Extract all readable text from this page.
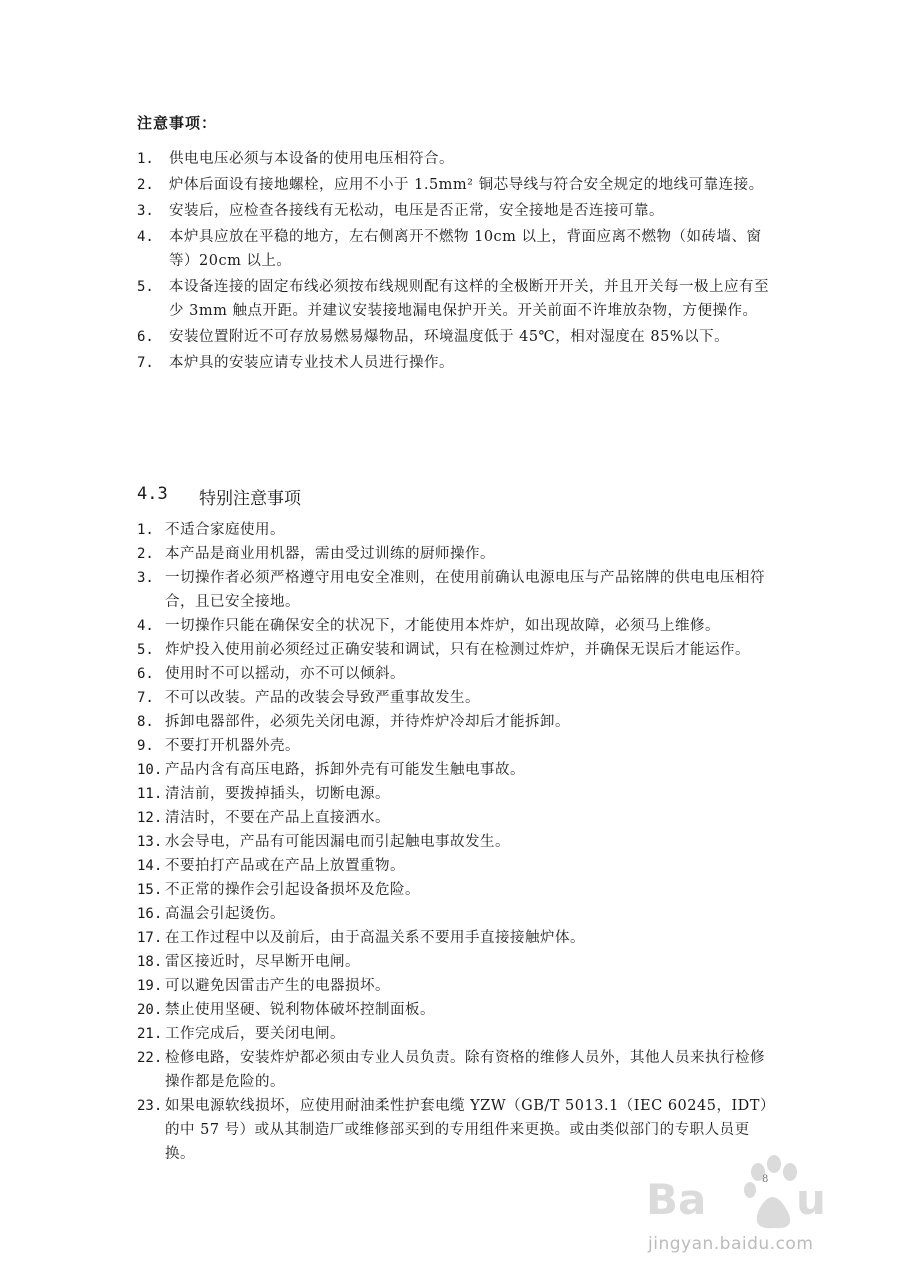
注意事项：
1.	供电电压必须与本设备的使用电压相符合。
2.	炉体后面设有接地螺栓，应用不小于 1.5mm² 铜芯导线与符合安全规定的地线可靠连接。
3.	安装后，应检查各接线有无松动，电压是否正常，安全接地是否连接可靠。
4.	本炉具应放在平稳的地方，左右侧离开不燃物 10cm 以上，背面应离不燃物（如砖墙、窗等）20cm 以上。
5.	本设备连接的固定布线必须按布线规则配有这样的全极断开开关，并且开关每一极上应有至少 3mm 触点开距。并建议安装接地漏电保护开关。开关前面不许堆放杂物，方便操作。
6.	安装位置附近不可存放易燃易爆物品，环境温度低于 45℃，相对湿度在 85%以下。
7.	本炉具的安装应请专业技术人员进行操作。
4.3	特别注意事项
1. 不适合家庭使用。
2. 本产品是商业用机器，需由受过训练的厨师操作。
3. 一切操作者必须严格遵守用电安全准则，在使用前确认电源电压与产品铭牌的供电电压相符合，且已安全接地。
4. 一切操作只能在确保安全的状况下，才能使用本炸炉，如出现故障，必须马上维修。
5. 炸炉投入使用前必须经过正确安装和调试，只有在检测过炸炉，并确保无误后才能运作。
6. 使用时不可以摇动，亦不可以倾斜。
7. 不可以改装。产品的改装会导致严重事故发生。
8. 拆卸电器部件，必须先关闭电源，并待炸炉冷却后才能拆卸。
9. 不要打开机器外壳。
10. 产品内含有高压电路，拆卸外壳有可能发生触电事故。
11. 清洁前，要拨掉插头，切断电源。
12. 清洁时，不要在产品上直接洒水。
13. 水会导电，产品有可能因漏电而引起触电事故发生。
14. 不要拍打产品或在产品上放置重物。
15. 不正常的操作会引起设备损坏及危险。
16. 高温会引起烫伤。
17. 在工作过程中以及前后，由于高温关系不要用手直接接触炉体。
18. 雷区接近时，尽早断开电闸。
19. 可以避免因雷击产生的电器损坏。
20. 禁止使用坚硬、锐利物体破坏控制面板。
21. 工作完成后，要关闭电闸。
22. 检修电路，安装炸炉都必须由专业人员负责。除有资格的维修人员外，其他人员来执行检修操作都是危险的。
23. 如果电源软线损坏，应使用耐油柔性护套电缆 YZW（GB/T 5013.1（IEC 60245，IDT）的中 57 号）或从其制造厂或维修部买到的专用组件来更换。或由类似部门的专职人员更换。
8
Ba u
jingyan.baidu.com
